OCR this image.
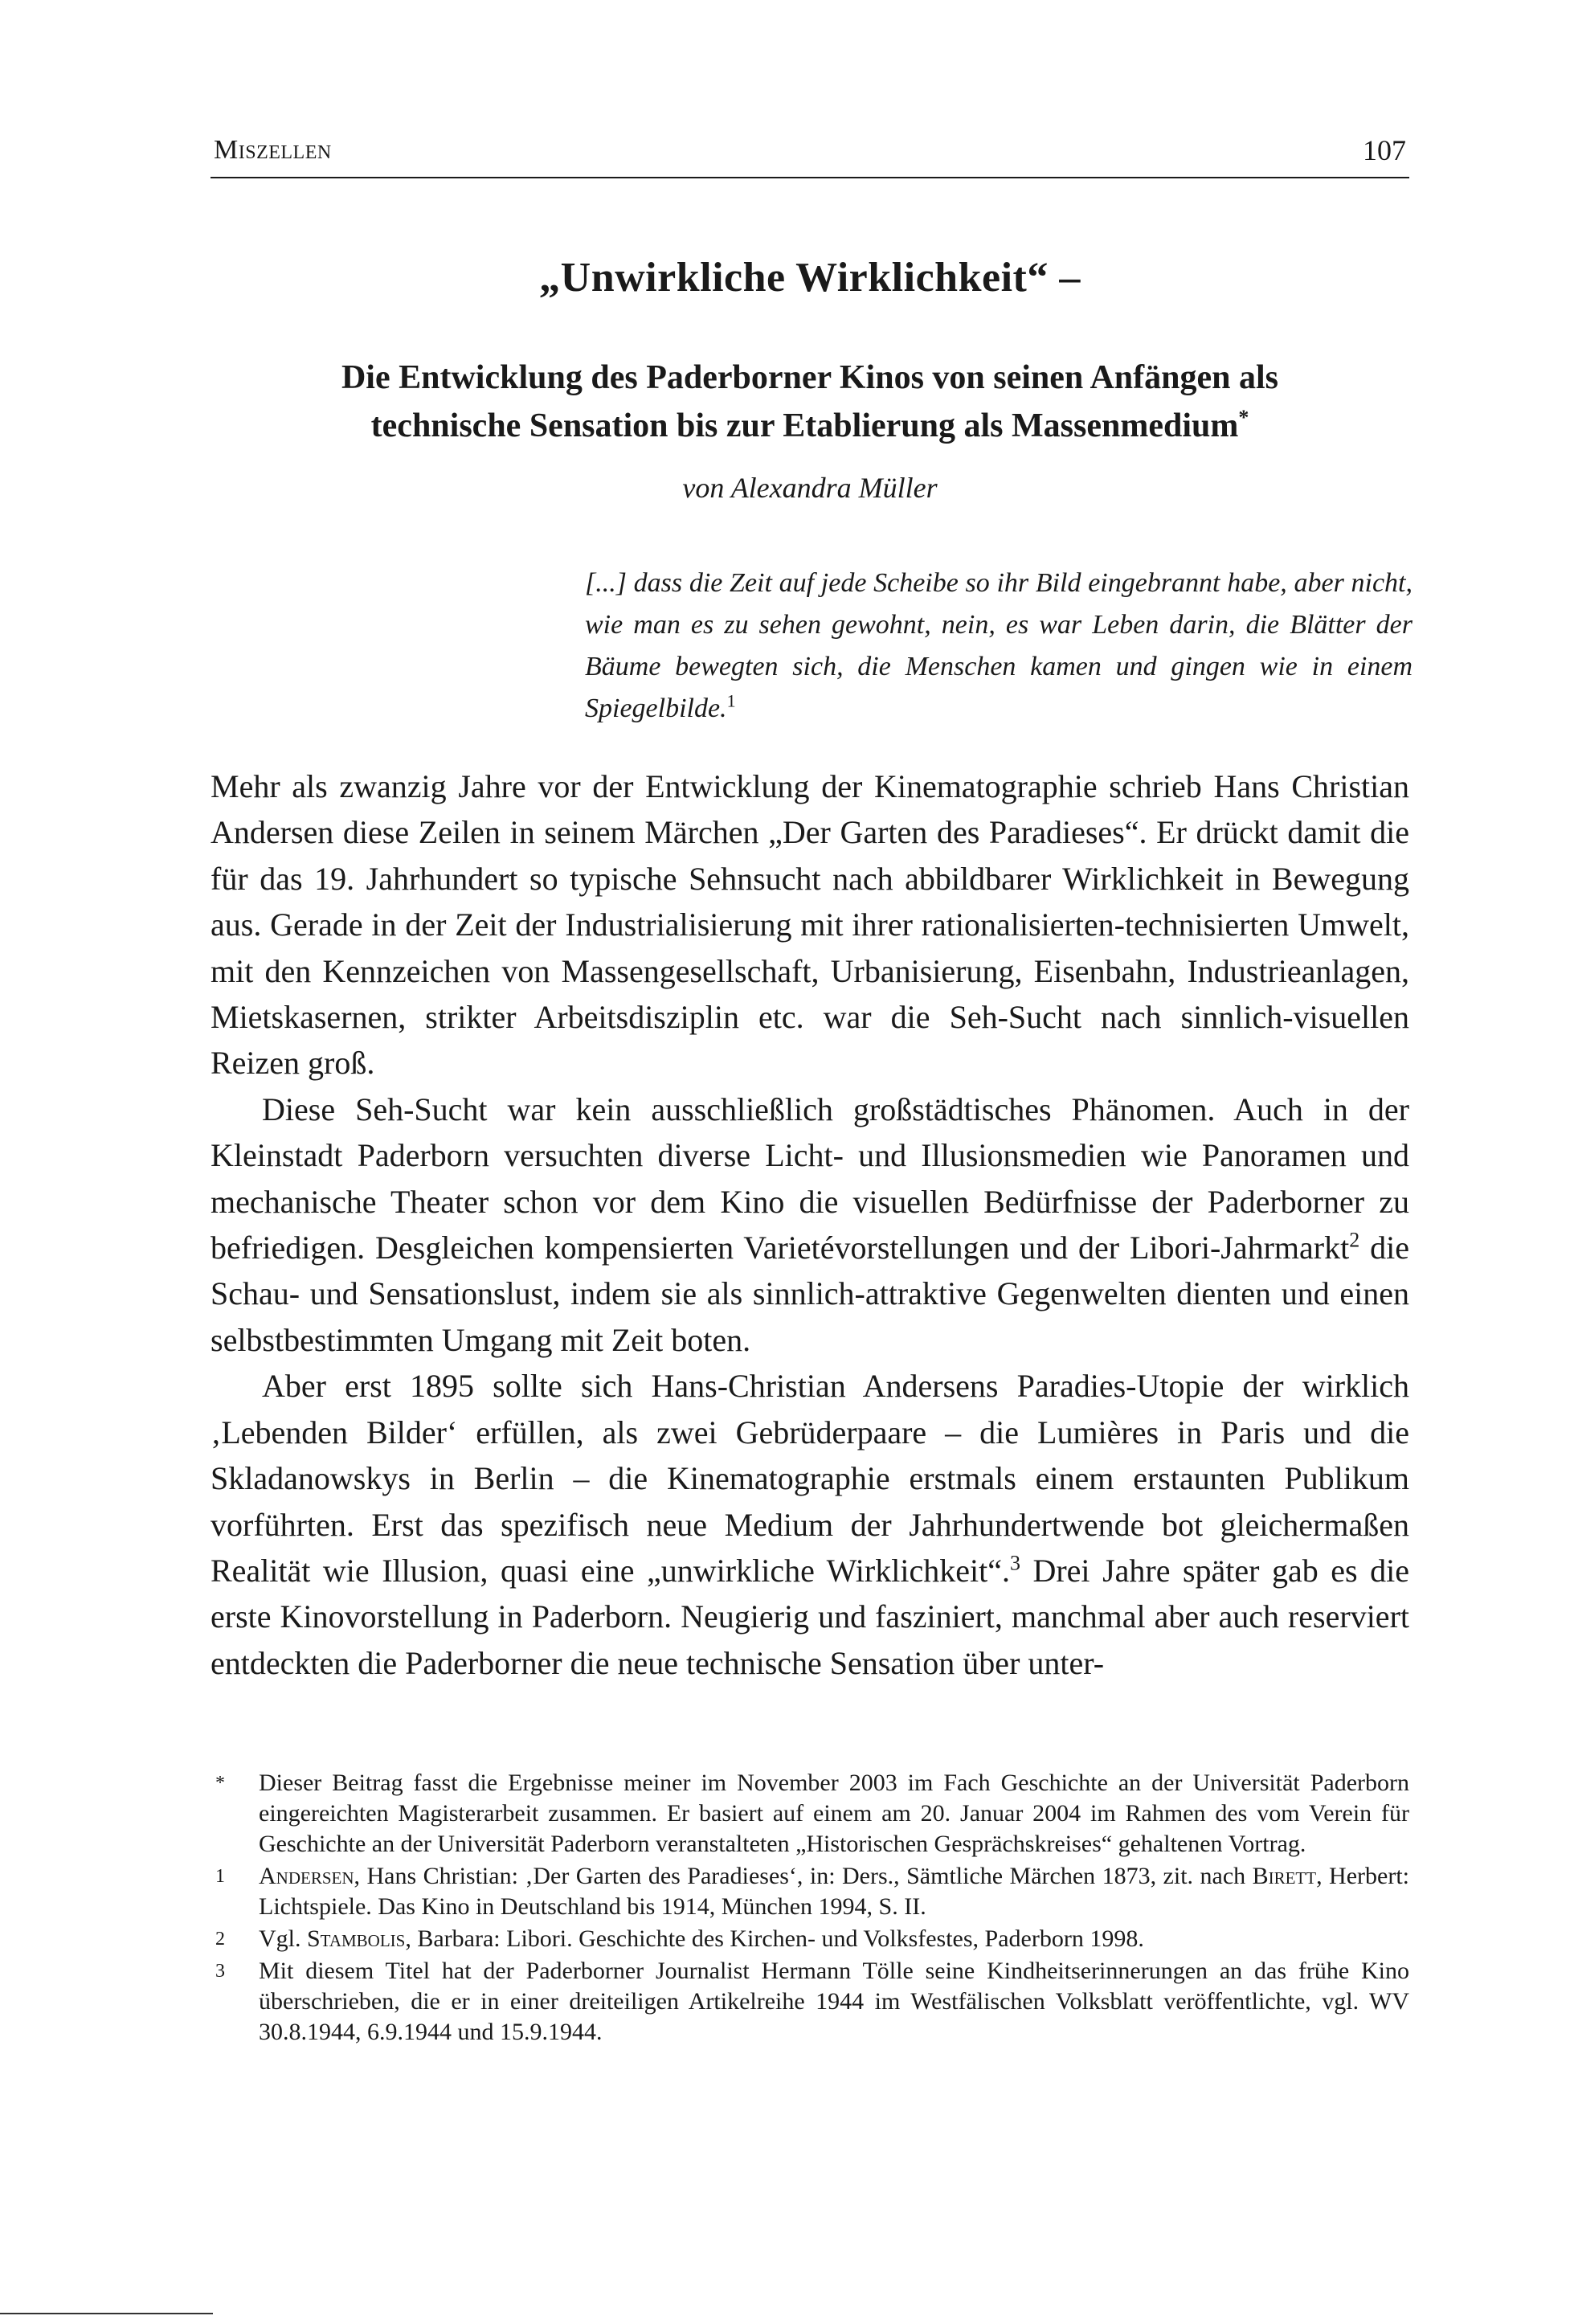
Miszellen	107
„Unwirkliche Wirklichkeit“ –
Die Entwicklung des Paderborner Kinos von seinen Anfängen als
technische Sensation bis zur Etablierung als Massenmedium*
von Alexandra Müller
[...] dass die Zeit auf jede Scheibe so ihr Bild eingebrannt habe, aber nicht, wie man es zu sehen gewohnt, nein, es war Leben darin, die Blätter der Bäume bewegten sich, die Menschen kamen und gingen wie in einem Spiegelbilde.$^1$

Mehr als zwanzig Jahre vor der Entwicklung der Kinematographie schrieb Hans Christian Andersen diese Zeilen in seinem Märchen „Der Garten des Paradieses“. Er drückt damit die für das 19. Jahrhundert so typische Sehnsucht nach abbildbarer Wirklichkeit in Bewegung aus. Gerade in der Zeit der Industrialisierung mit ihrer rationalisierten-technisierten Umwelt, mit den Kennzeichen von Massengesellschaft, Urbanisierung, Eisenbahn, Industrieanlagen, Mietskasernen, strikter Arbeitsdisziplin etc. war die Seh-Sucht nach sinnlich-visuellen Reizen groß.

Diese Seh-Sucht war kein ausschließlich großstädtisches Phänomen. Auch in der Kleinstadt Paderborn versuchten diverse Licht- und Illusionsmedien wie Panoramen und mechanische Theater schon vor dem Kino die visuellen Bedürfnisse der Paderborner zu befriedigen. Desgleichen kompensierten Varietévorstellungen und der Libori-Jahrmarkt$^2$ die Schau- und Sensationslust, indem sie als sinnlich-attraktive Gegenwelten dienten und einen selbstbestimmten Umgang mit Zeit boten.

Aber erst 1895 sollte sich Hans-Christian Andersens Paradies-Utopie der wirklich ‚Lebenden Bilder‘ erfüllen, als zwei Gebrüderpaare – die Lumières in Paris und die Skladanowskys in Berlin – die Kinematographie erstmals einem erstaunten Publikum vorführten. Erst das spezifisch neue Medium der Jahrhundertwende bot gleichermaßen Realität wie Illusion, quasi eine „unwirkliche Wirklichkeit“.$^3$ Drei Jahre später gab es die erste Kinovorstellung in Paderborn. Neugierig und fasziniert, manchmal aber auch reserviert entdeckten die Paderborner die neue technische Sensation über unter-

* Dieser Beitrag fasst die Ergebnisse meiner im November 2003 im Fach Geschichte an der Universität Paderborn eingereichten Magisterarbeit zusammen. Er basiert auf einem am 20. Januar 2004 im Rahmen des vom Verein für Geschichte an der Universität Paderborn veranstalteten „Historischen Gesprächskreises“ gehaltenen Vortrag.
1 Andersen, Hans Christian: ‚Der Garten des Paradieses‘, in: Ders., Sämtliche Märchen 1873, zit. nach Birett, Herbert: Lichtspiele. Das Kino in Deutschland bis 1914, München 1994, S. II.
2 Vgl. Stambolis, Barbara: Libori. Geschichte des Kirchen- und Volksfestes, Paderborn 1998.
3 Mit diesem Titel hat der Paderborner Journalist Hermann Tölle seine Kindheitserinnerungen an das frühe Kino überschrieben, die er in einer dreiteiligen Artikelreihe 1944 im Westfälischen Volksblatt veröffentlichte, vgl. WV 30.8.1944, 6.9.1944 und 15.9.1944.
